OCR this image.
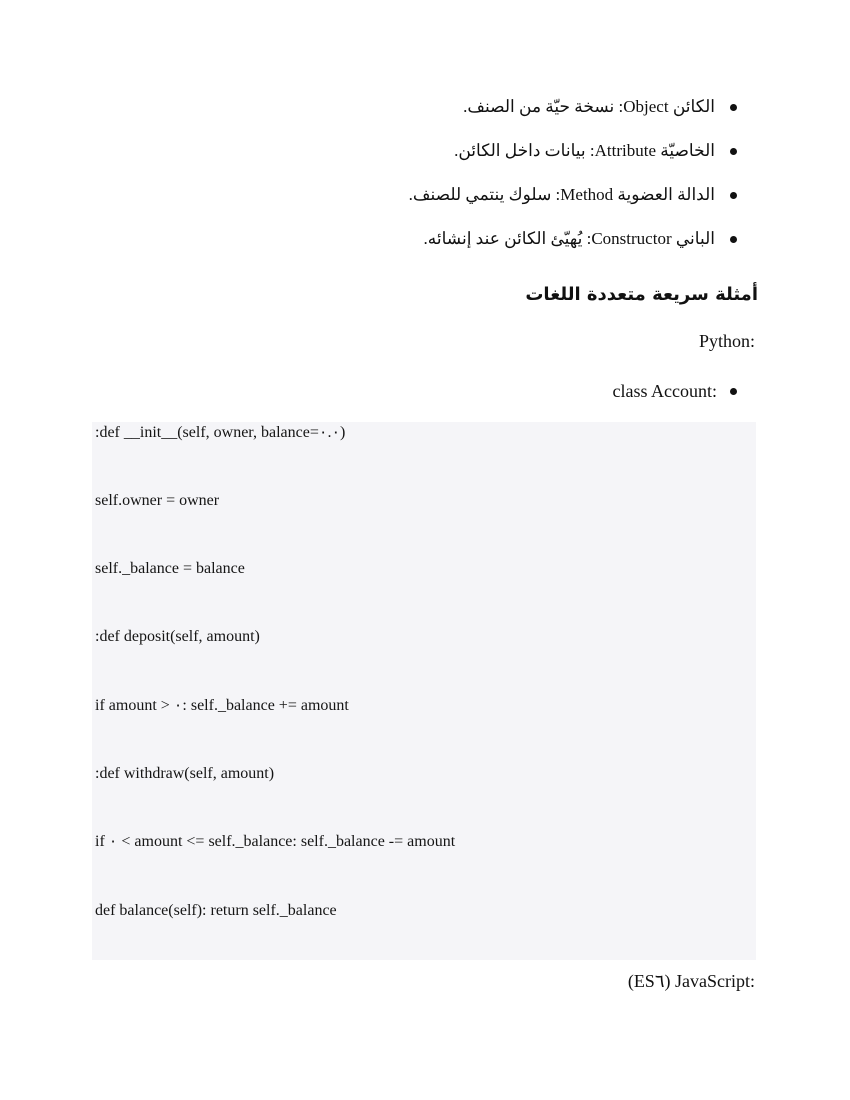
الكائن Object: نسخة حيّة من الصنف.
الخاصيّة Attribute: بيانات داخل الكائن.
الدالة العضوية Method: سلوك ينتمي للصنف.
الباني Constructor: يُهيّئ الكائن عند إنشائه.
أمثلة سريعة متعددة اللغات

:Python

:class Account

:def __init__(self, owner, balance=٠.٠)
self.owner = owner
self._balance = balance
:def deposit(self, amount)
if amount > ٠: self._balance += amount
:def withdraw(self, amount)
if ٠ < amount <= self._balance: self._balance -= amount
def balance(self): return self._balance

:JavaScript (ES٦)
